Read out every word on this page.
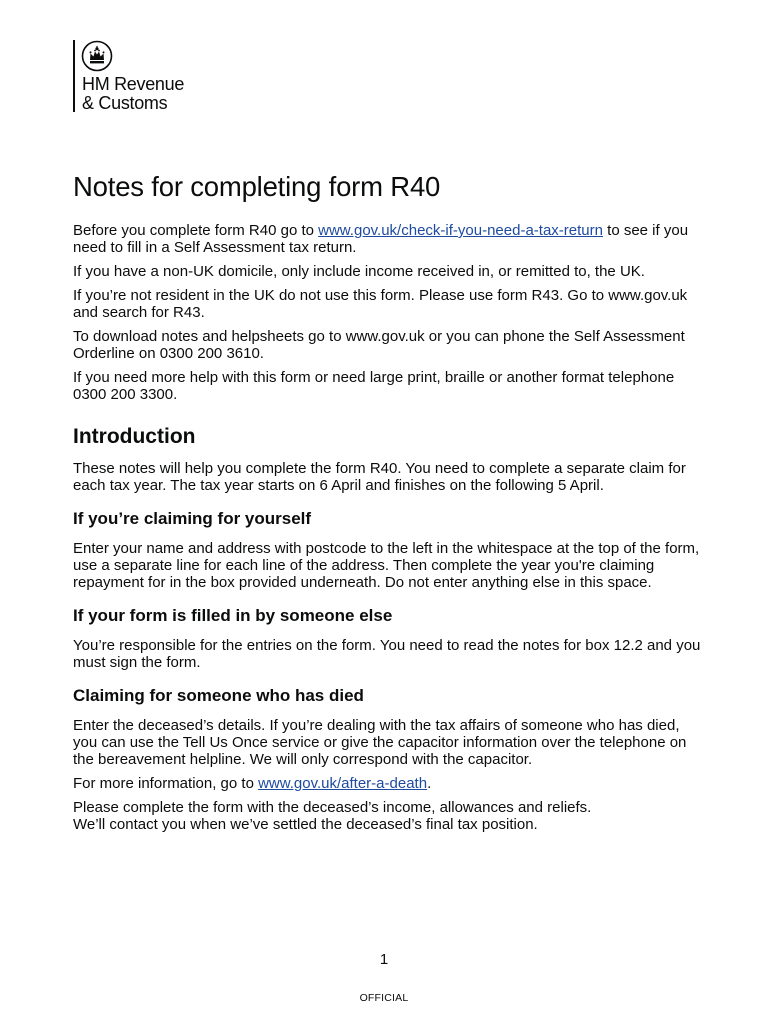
HM Revenue
& Customs
Notes for completing form R40

Before you complete form R40 go to www.gov.uk/check-if-you-need-a-tax-return to see if you need to fill in a Self Assessment tax return.

If you have a non-UK domicile, only include income received in, or remitted to, the UK.

If you’re not resident in the UK do not use this form. Please use form R43. Go to www.gov.uk and search for R43.

To download notes and helpsheets go to www.gov.uk or you can phone the Self Assessment Orderline on 0300 200 3610.

If you need more help with this form or need large print, braille or another format telephone 0300 200 3300.

Introduction

These notes will help you complete the form R40. You need to complete a separate claim for each tax year. The tax year starts on 6 April and finishes on the following 5 April.

If you’re claiming for yourself

Enter your name and address with postcode to the left in the whitespace at the top of the form, use a separate line for each line of the address. Then complete the year you're claiming repayment for in the box provided underneath. Do not enter anything else in this space.

If your form is filled in by someone else

You’re responsible for the entries on the form. You need to read the notes for box 12.2 and you must sign the form.

Claiming for someone who has died

Enter the deceased’s details. If you’re dealing with the tax affairs of someone who has died, you can use the Tell Us Once service or give the capacitor information over the telephone on the bereavement helpline. We will only correspond with the capacitor.

For more information, go to www.gov.uk/after-a-death.

Please complete the form with the deceased’s income, allowances and reliefs.
We’ll contact you when we’ve settled the deceased’s final tax position.

1
OFFICIAL
